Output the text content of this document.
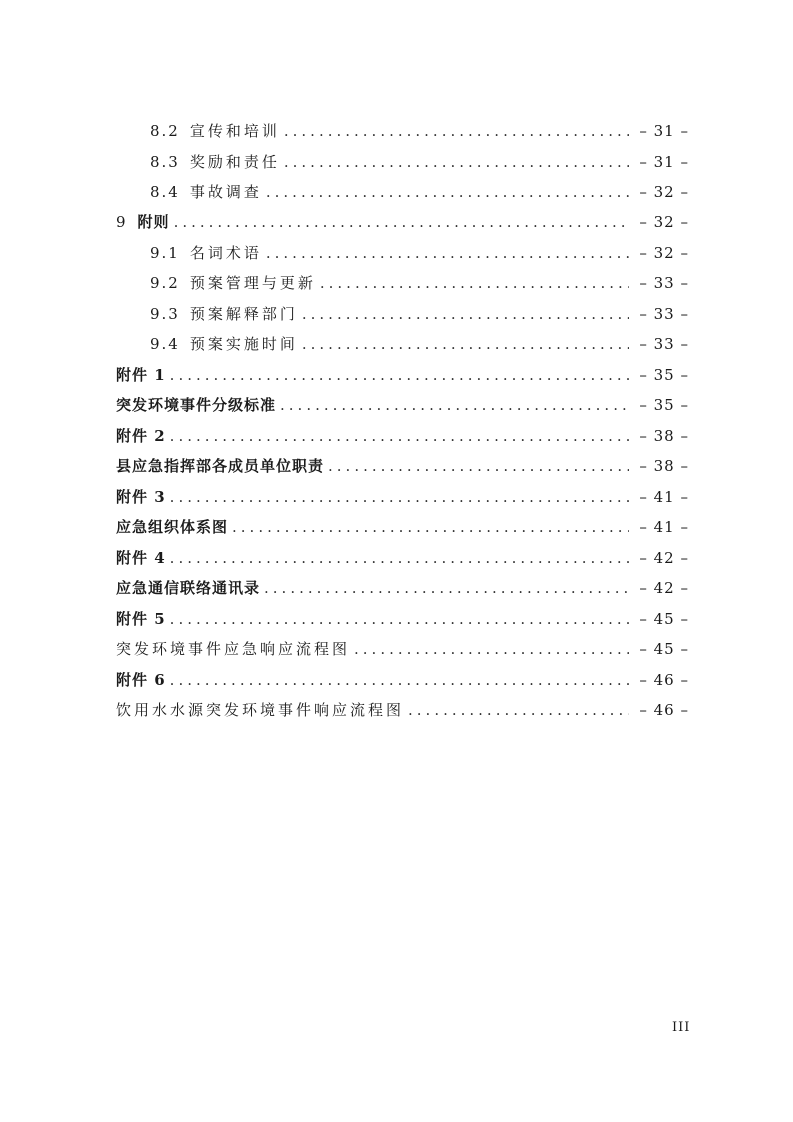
8.2 宣传和培训 .....	– 31 –
8.3 奖励和责任 .....	– 31 –
8.4 事故调查 .....	– 32 –
9 附则 .....	– 32 –
9.1 名词术语 .....	– 32 –
9.2 预案管理与更新 .....	– 33 –
9.3 预案解释部门 .....	– 33 –
9.4 预案实施时间 .....	– 33 –
附件 1 .....	– 35 –
突发环境事件分级标准 .....	– 35 –
附件 2 .....	– 38 –
县应急指挥部各成员单位职责 .....	– 38 –
附件 3 .....	– 41 –
应急组织体系图 .....	– 41 –
附件 4 .....	– 42 –
应急通信联络通讯录 .....	– 42 –
附件 5 .....	– 45 –
突发环境事件应急响应流程图 .....	– 45 –
附件 6 .....	– 46 –
饮用水水源突发环境事件响应流程图 .....	– 46 –
III
